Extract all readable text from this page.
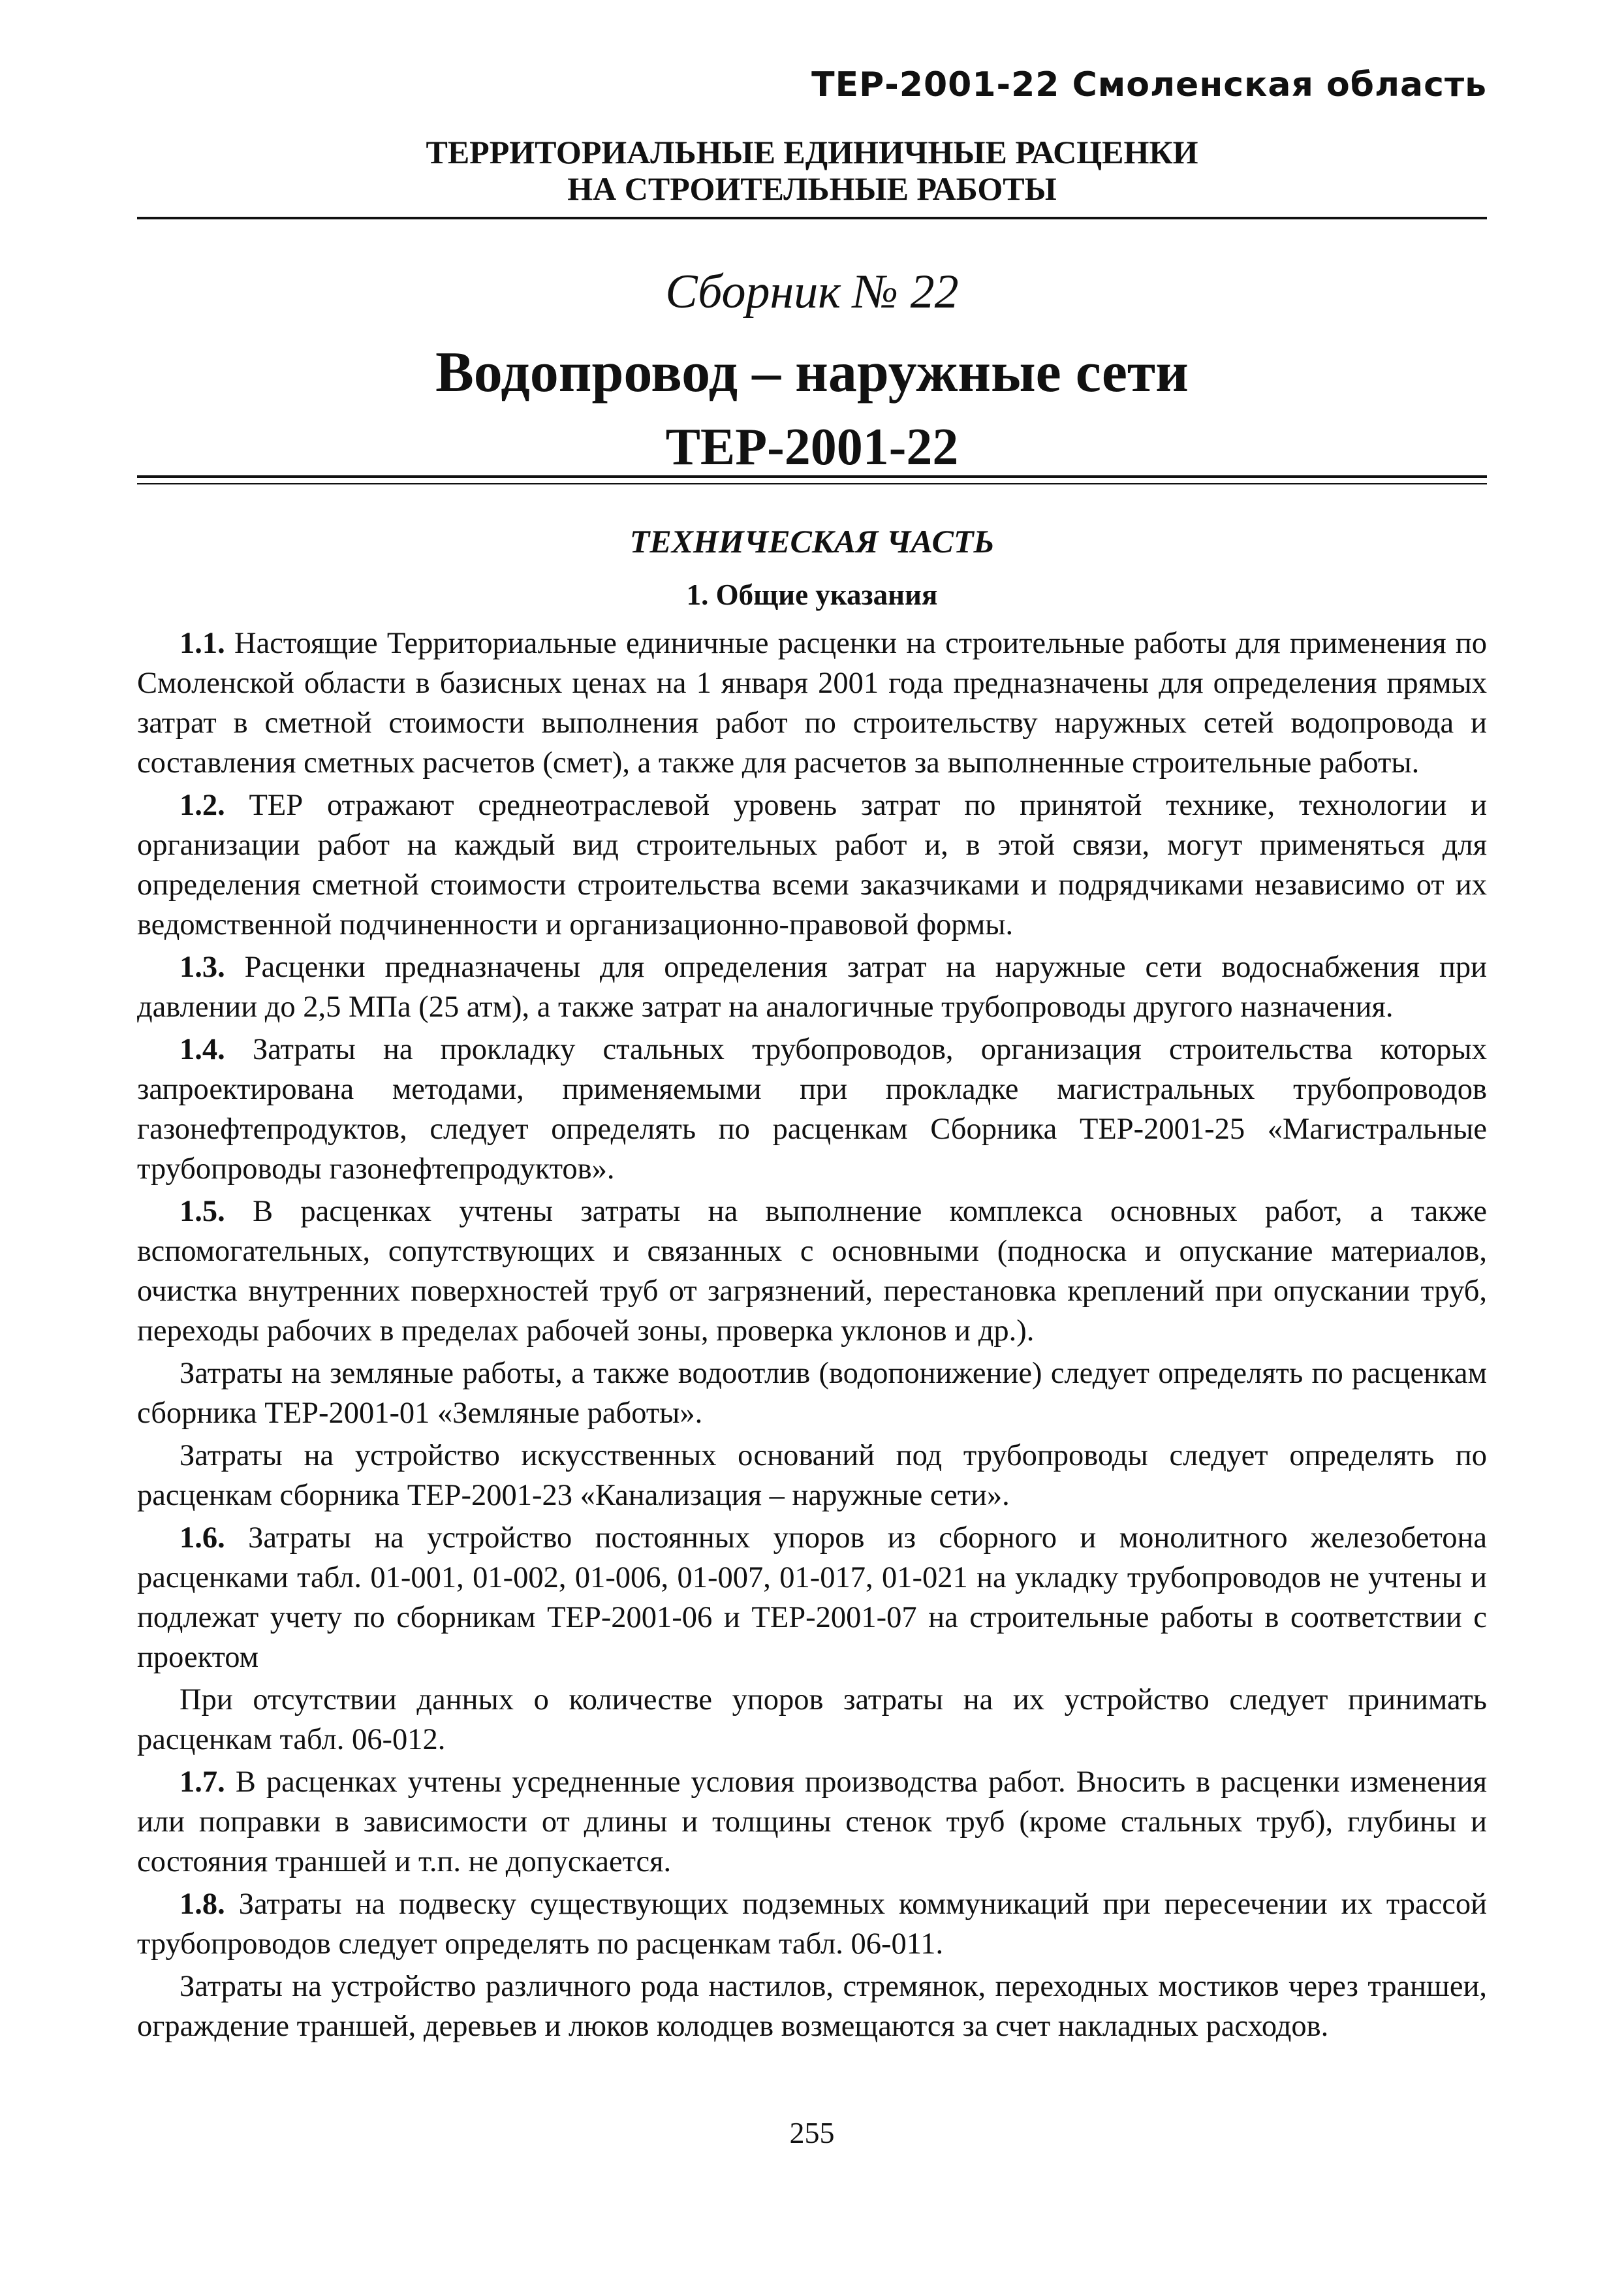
ТЕР-2001-22 Смоленская область
ТЕРРИТОРИАЛЬНЫЕ ЕДИНИЧНЫЕ РАСЦЕНКИ
НА СТРОИТЕЛЬНЫЕ РАБОТЫ
Сборник № 22
Водопровод – наружные сети
ТЕР-2001-22
ТЕХНИЧЕСКАЯ ЧАСТЬ
1. Общие указания

1.1. Настоящие Территориальные единичные расценки на строительные работы для применения по Смоленской области в базисных ценах на 1 января 2001 года предназначены для определения прямых затрат в сметной стоимости выполнения работ по строительству наружных сетей водопровода и составления сметных расчетов (смет), а также для расчетов за выполненные строительные работы.

1.2. ТЕР отражают среднеотраслевой уровень затрат по принятой технике, технологии и организации работ на каждый вид строительных работ и, в этой связи, могут применяться для определения сметной стоимости строительства всеми заказчиками и подрядчиками независимо от их ведомственной подчиненности и организационно-правовой формы.

1.3. Расценки предназначены для определения затрат на наружные сети водоснабжения при давлении до 2,5 МПа (25 атм), а также затрат на аналогичные трубопроводы другого назначения.

1.4. Затраты на прокладку стальных трубопроводов, организация строительства которых запроектирована методами, применяемыми при прокладке магистральных трубопроводов газонефтепродуктов, следует определять по расценкам Сборника ТЕР-2001-25 «Магистральные трубопроводы газонефтепродуктов».

1.5. В расценках учтены затраты на выполнение комплекса основных работ, а также вспомогательных, сопутствующих и связанных с основными (подноска и опускание материалов, очистка внутренних поверхностей труб от загрязнений, перестановка креплений при опускании труб, переходы рабочих в пределах рабочей зоны, проверка уклонов и др.).

Затраты на земляные работы, а также водоотлив (водопонижение) следует определять по расценкам сборника ТЕР-2001-01 «Земляные работы».

Затраты на устройство искусственных оснований под трубопроводы следует определять по расценкам сборника ТЕР-2001-23 «Канализация – наружные сети».

1.6. Затраты на устройство постоянных упоров из сборного и монолитного железобетона расценками табл. 01-001, 01-002, 01-006, 01-007, 01-017, 01-021 на укладку трубопроводов не учтены и подлежат учету по сборникам ТЕР-2001-06 и ТЕР-2001-07 на строительные работы в соответствии с проектом

При отсутствии данных о количестве упоров затраты на их устройство следует принимать расценкам табл. 06-012.

1.7. В расценках учтены усредненные условия производства работ. Вносить в расценки изменения или поправки в зависимости от длины и толщины стенок труб (кроме стальных труб), глубины и состояния траншей и т.п. не допускается.

1.8. Затраты на подвеску существующих подземных коммуникаций при пересечении их трассой трубопроводов следует определять по расценкам табл. 06-011.

Затраты на устройство различного рода настилов, стремянок, переходных мостиков через траншеи, ограждение траншей, деревьев и люков колодцев возмещаются за счет накладных расходов.

255
